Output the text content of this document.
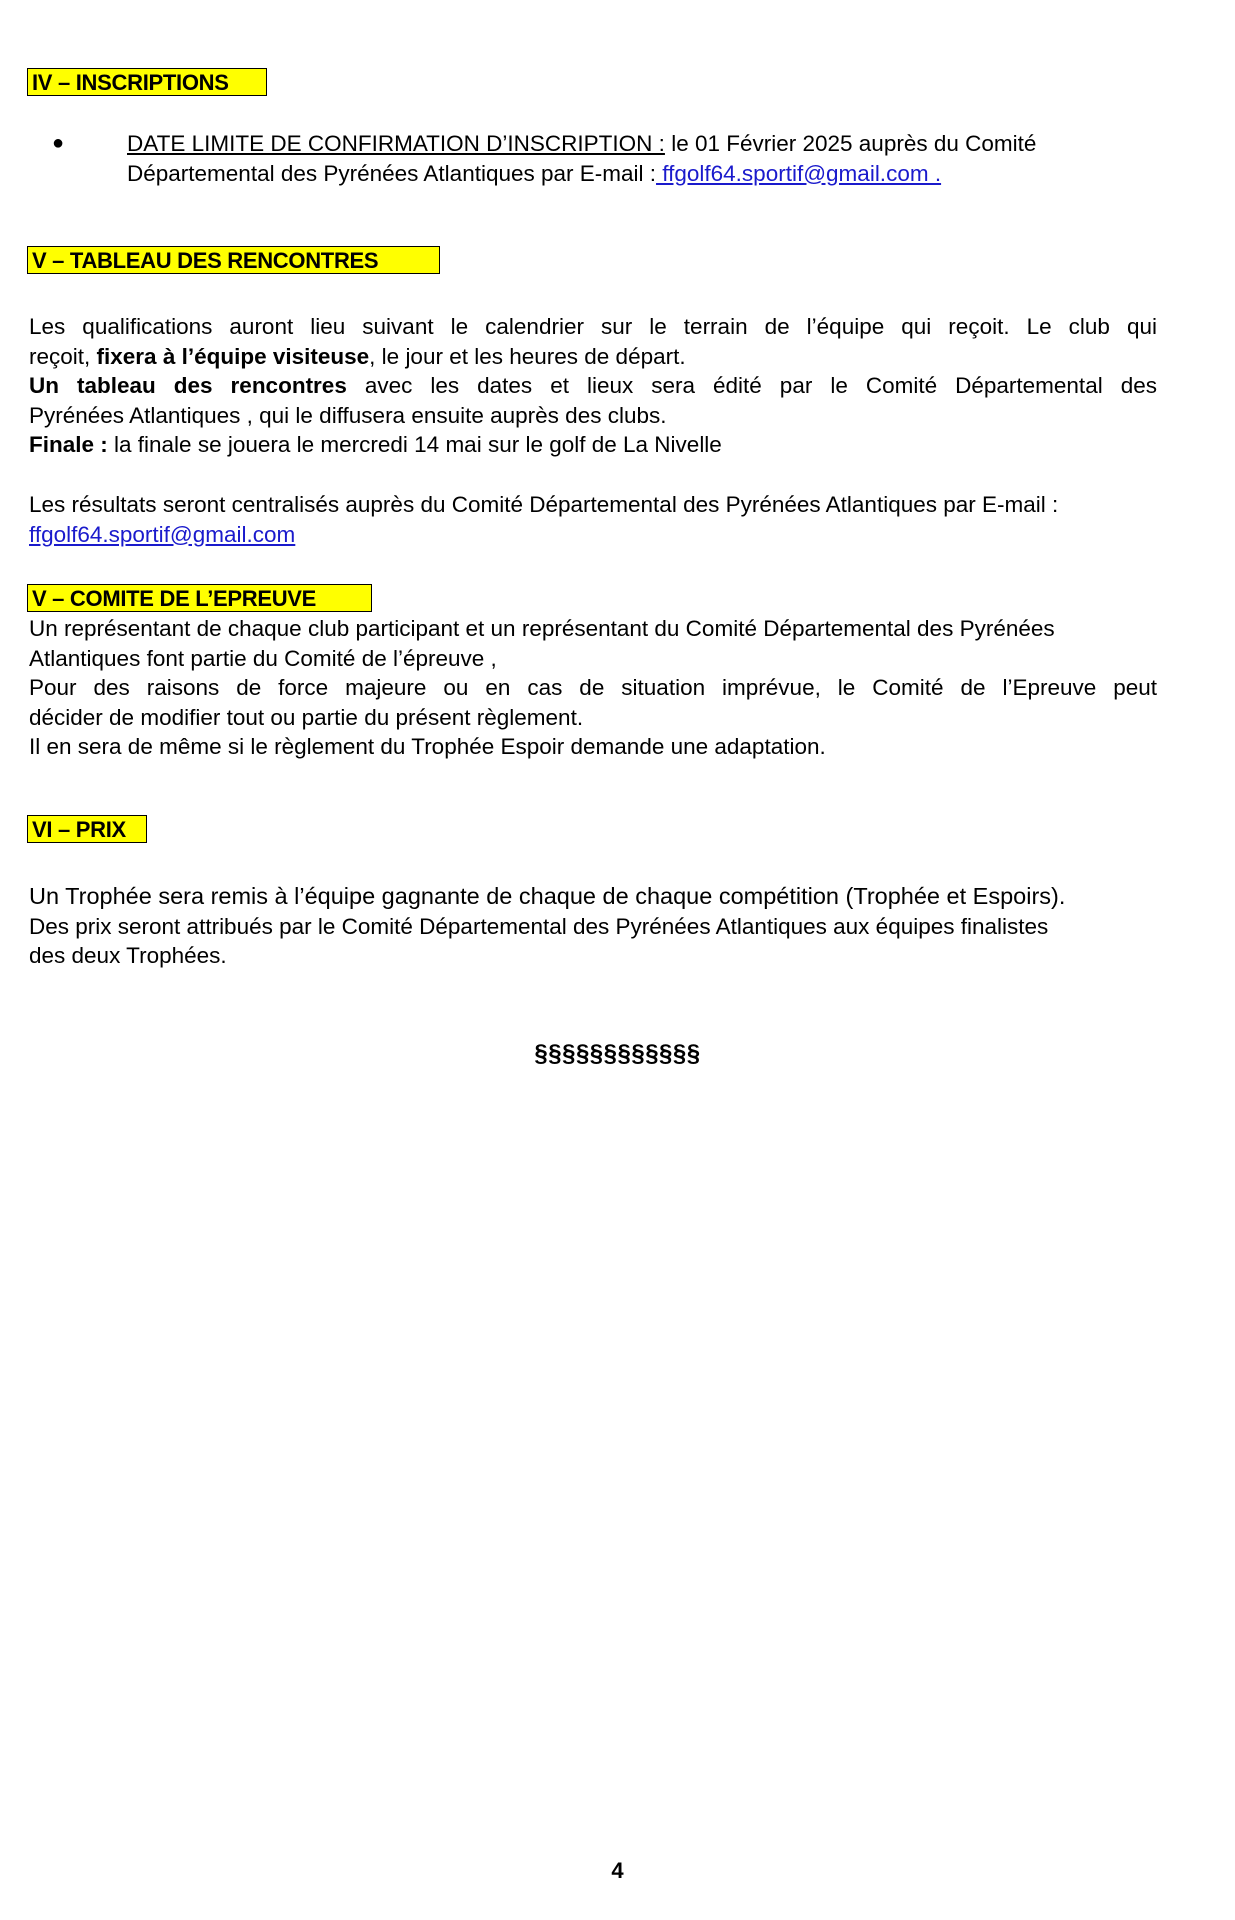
IV – INSCRIPTIONS
●	DATE LIMITE DE CONFIRMATION D’INSCRIPTION : le 01 Février 2025 auprès du Comité
Départemental des Pyrénées Atlantiques par E-mail : ffgolf64.sportif@gmail.com .
V – TABLEAU DES RENCONTRES
Les qualifications auront lieu suivant le calendrier sur le terrain de l’équipe qui reçoit. Le club qui
reçoit, fixera à l’équipe visiteuse, le jour et les heures de départ.
Un tableau des rencontres avec les dates et lieux sera édité par le Comité Départemental des
Pyrénées Atlantiques , qui le diffusera ensuite auprès des clubs.
Finale : la finale se jouera le mercredi 14 mai sur le golf de La Nivelle
Les résultats seront centralisés auprès du Comité Départemental des Pyrénées Atlantiques par E-mail :
ffgolf64.sportif@gmail.com
V – COMITE DE L’EPREUVE
Un représentant de chaque club participant et un représentant du Comité Départemental des Pyrénées
Atlantiques font partie du Comité de l’épreuve ,
Pour des raisons de force majeure ou en cas de situation imprévue, le Comité de l’Epreuve peut
décider de modifier tout ou partie du présent règlement.
Il en sera de même si le règlement du Trophée Espoir demande une adaptation.
VI – PRIX
Un Trophée sera remis à l’équipe gagnante de chaque de chaque compétition (Trophée et Espoirs).
Des prix seront attribués par le Comité Départemental des Pyrénées Atlantiques aux équipes finalistes
des deux Trophées.
§§§§§§§§§§§§
4
